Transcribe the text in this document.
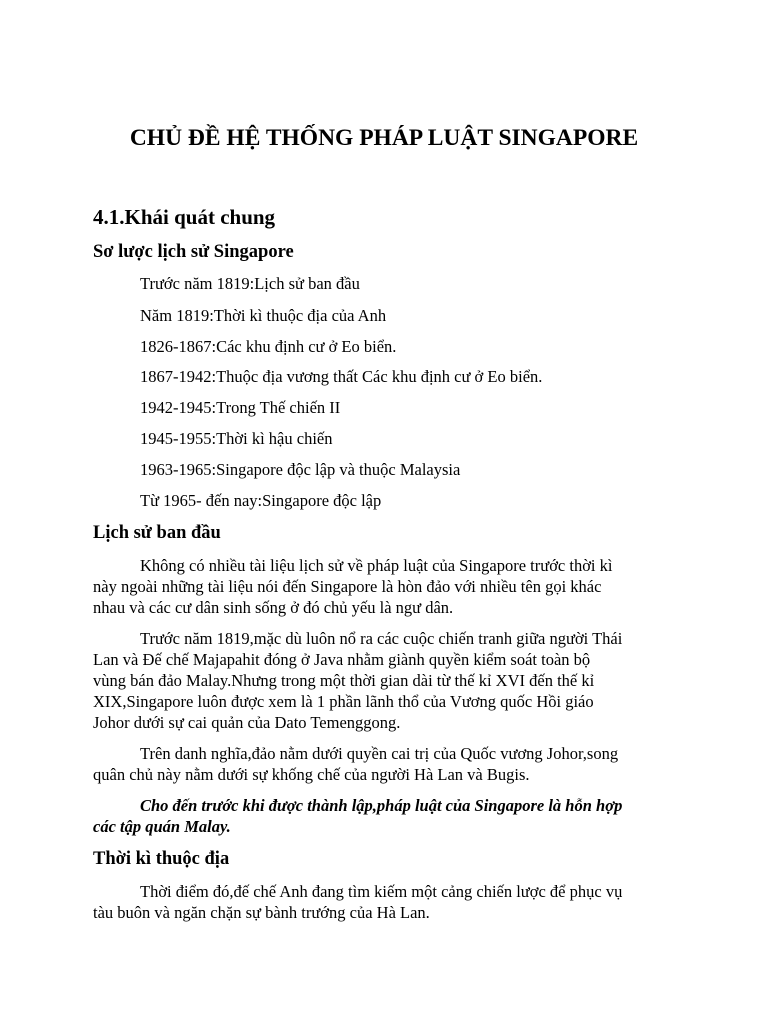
CHỦ ĐỀ HỆ THỐNG PHÁP LUẬT SINGAPORE
4.1.Khái quát chung
Sơ lược lịch sử Singapore

Trước năm 1819:Lịch sử ban đầu

Năm 1819:Thời kì thuộc địa của Anh

1826-1867:Các khu định cư ở Eo biển.

1867-1942:Thuộc địa vương thất Các khu định cư ở Eo biển.

1942-1945:Trong Thế chiến II

1945-1955:Thời kì hậu chiến

1963-1965:Singapore độc lập và thuộc Malaysia

Từ 1965- đến nay:Singapore độc lập

Lịch sử ban đầu

Không có nhiều tài liệu lịch sử về pháp luật của Singapore trước thời kì
này ngoài những tài liệu nói đến Singapore là hòn đảo với nhiều tên gọi khác
nhau và các cư dân sinh sống ở đó chủ yếu là ngư dân.

Trước năm 1819,mặc dù luôn nổ ra các cuộc chiến tranh giữa người Thái
Lan và Đế chế Majapahit đóng ở Java nhằm giành quyền kiểm soát toàn bộ
vùng bán đảo Malay.Nhưng trong một thời gian dài từ thế kỉ XVI đến thế kỉ
XIX,Singapore luôn được xem là 1 phần lãnh thổ của Vương quốc Hồi giáo
Johor dưới sự cai quản của Dato Temenggong.

Trên danh nghĩa,đảo nằm dưới quyền cai trị của Quốc vương Johor,song
quân chủ này nằm dưới sự khống chế của người Hà Lan và Bugis.

Cho đến trước khi được thành lập,pháp luật của Singapore là hỗn hợp
các tập quán Malay.

Thời kì thuộc địa

Thời điểm đó,đế chế Anh đang tìm kiếm một cảng chiến lược để phục vụ
tàu buôn và ngăn chặn sự bành trướng của Hà Lan.
